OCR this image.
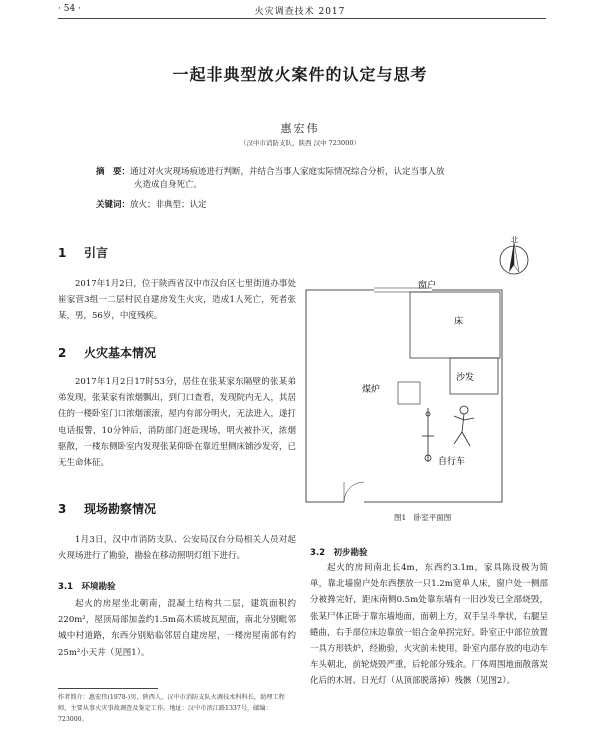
· 54 ·	火灾调查技术 2017
一起非典型放火案件的认定与思考
惠宏伟
（汉中市消防支队，陕西 汉中 723000）
摘　要：通过对火灾现场痕迹进行判断，并结合当事人家庭实际情况综合分析，认定当事人放
火造成自身死亡。
关键词：放火；非典型；认定
1 引言
2017年1月2日，位于陕西省汉中市汉台区七里街道办事处崔家营3组一二层村民自建房发生火灾，造成1人死亡，死者张某，男，56岁，中度残疾。
2 火灾基本情况
2017年1月2日17时53分，居住在张某家东隔壁的张某弟弟发现，张某家有浓烟飘出，到门口查看，发现院内无人，其居住的一楼卧室门口浓烟滚滚，屋内有部分明火，无法进入，遂打电话报警，10分钟后，消防部门赶赴现场，明火被扑灭，浓烟驱散，一楼东侧卧室内发现张某仰卧在靠近里侧床铺沙发旁，已无生命体征。
3 现场勘察情况
1月3日，汉中市消防支队、公安局汉台分局相关人员对起火现场进行了勘验，勘验在移动照明灯组下进行。
3.1　环境勘验
起火的房屋坐北朝南，混凝土结构共二层，建筑面积约220m²，屋顶局部加盖约1.5m高木质坡瓦屋面，南北分别毗邻城中村道路，东西分别贴临邻居自建房屋，一楼房屋南部有约25m²小天井（见图1）。
作者简介：惠宏伟(1978-)男，陕西人，汉中市消防支队火调技术科科长，助理工程师，主要从事火灾事故调查及鉴定工作。地址：汉中市滨江路1337号，邮编：723000。
北
窗户
床
沙发
煤炉
自行车
图1　卧室平面图
3.2　初步勘验
起火的房间南北长4m，东西约3.1m，家具陈设极为简单，靠北墙窗户处东西摆放一只1.2m宽单人床，窗户处一侧部分被搀完好，距床南侧0.5m处靠东墙有一旧沙发已全部烧毁，张某尸体正卧于靠东墙地面，面朝上方，双手呈斗拳状，右腿呈蜷曲，右手部位床边靠放一铝合金单拐完好。卧室正中部位放置一具方形铁炉，经勘验，火灾前未使用，卧室内部存放的电动车车头朝北，前轮烧毁严重，后轮部分残余。厂体周围地面散落炭化后的木屑、日光灯（从顶部脱落掉）残骸（见图2）。
